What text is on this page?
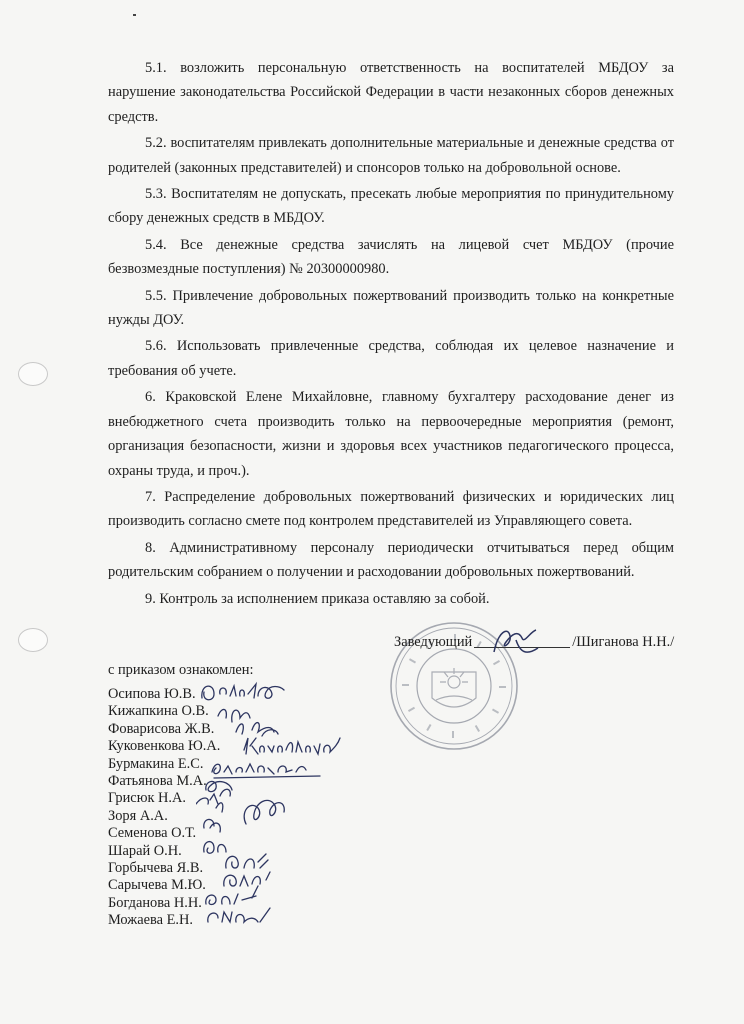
5.1. возложить персональную ответственность на воспитателей МБДОУ за нарушение законодательства Российской Федерации в части незаконных сборов денежных средств.

5.2. воспитателям привлекать дополнительные материальные и денежные средства от родителей (законных представителей) и спонсоров только на добровольной основе.

5.3. Воспитателям не допускать, пресекать любые мероприятия по принудительному сбору денежных средств в МБДОУ.

5.4. Все денежные средства зачислять на лицевой счет МБДОУ (прочие безвозмездные поступления) № 20300000980.

5.5. Привлечение добровольных пожертвований производить только на конкретные нужды ДОУ.

5.6. Использовать привлеченные средства, соблюдая их целевое назначение и требования об учете.

6. Краковской Елене Михайловне, главному бухгалтеру расходование денег из внебюджетного счета производить только на первоочередные мероприятия (ремонт, организация безопасности, жизни и здоровья всех участников педагогического процесса, охраны труда, и проч.).

7. Распределение добровольных пожертвований физических и юридических лиц производить согласно смете под контролем представителей из Управляющего совета.

8. Административному персоналу периодически отчитываться перед общим родительским собранием о получении и расходовании добровольных пожертвований.

9. Контроль за исполнением приказа оставляю за собой.

Заведующий	/Шиганова Н.Н./
с приказом ознакомлен:
Осипова Ю.В.
Кижапкина О.В.
Фоварисова Ж.В.
Куковенкова Ю.А.
Бурмакина Е.С.
Фатьянова М.А.
Грисюк Н.А.
Зоря А.А.
Семенова О.Т.
Шарай О.Н.
Горбычева Я.В.
Сарычева М.Ю.
Богданова Н.Н.
Можаева Е.Н.
